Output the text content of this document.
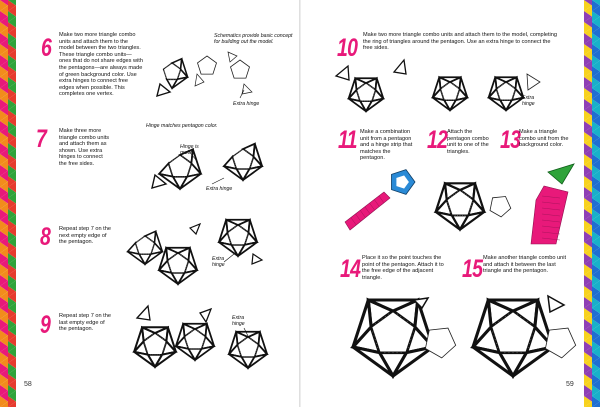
6
7
8
9
10
11	12 13
14	15
Make two more triangle combo units and attach them to the model between the two triangles. These triangle combo units—ones that do not share edges with the pentagons—are always made of green background color. Use extra hinges to connect free edges when possible. This completes one vertex.
Make three more triangle combo units and attach them as shown. Use extra hinges to connect the free sides.
Repeat step 7 on the next empty edge of the pentagon.
Repeat step 7 on the last empty edge of the pentagon.
Make two more triangle combo units and attach them to the model, completing the ring of triangles around the pentagon. Use an extra hinge to connect the free sides.
Make a combination unit from a pentagon and a hinge strip that matches the pentagon.
Attach the pentagon combo unit to one of the triangles.
Make a triangle combo unit from the background color.
Place it so the point touches the point of the pentagon. Attach it to the free edge of the adjacent triangle.
Make another triangle combo unit and attach it between the last triangle and the pentagon.
Schematics provide basic concept for building out the model.
Extra hinge
Hinge matches pentagon color.
Hinge is green.
Extra hinge
Extra
hinge
Extra
hinge
Extra
hinge
58	59
